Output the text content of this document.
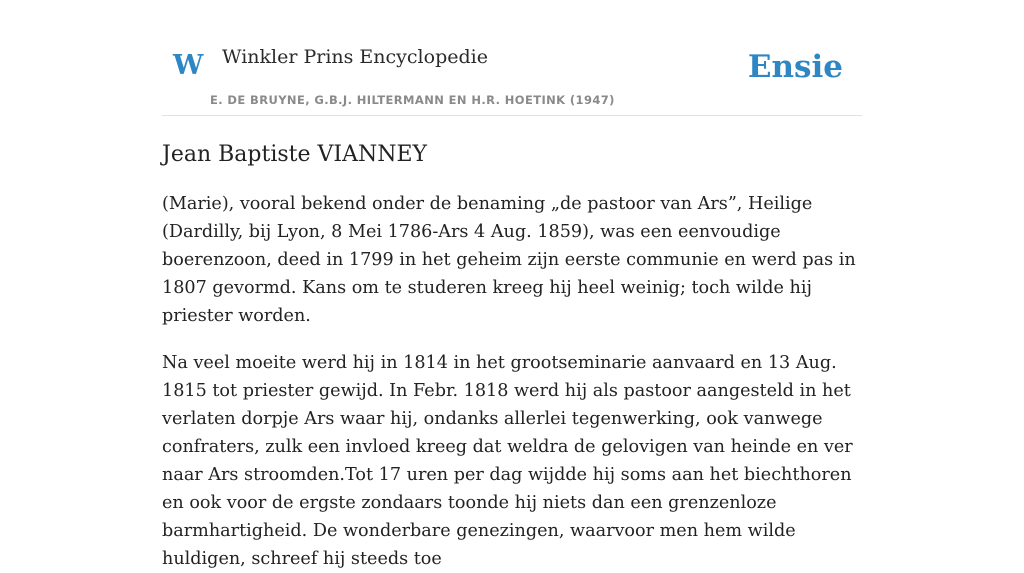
W Winkler Prins Encyclopedie
E. DE BRUYNE, G.B.J. HILTERMANN EN H.R. HOETINK (1947)
Ensie
Jean Baptiste VIANNEY

(Marie), vooral bekend onder de benaming „de pastoor van Ars”, Heilige (Dardilly, bij Lyon, 8 Mei 1786-Ars 4 Aug. 1859), was een eenvoudige boerenzoon, deed in 1799 in het geheim zijn eerste communie en werd pas in 1807 gevormd. Kans om te studeren kreeg hij heel weinig; toch wilde hij priester worden.

Na veel moeite werd hij in 1814 in het grootseminarie aanvaard en 13 Aug. 1815 tot priester gewijd. In Febr. 1818 werd hij als pastoor aangesteld in het verlaten dorpje Ars waar hij, ondanks allerlei tegenwerking, ook vanwege confraters, zulk een invloed kreeg dat weldra de gelovigen van heinde en ver naar Ars stroomden.Tot 17 uren per dag wijdde hij soms aan het biechthoren en ook voor de ergste zondaars toonde hij niets dan een grenzenloze barmhartigheid. De wonderbare genezingen, waarvoor men hem wilde huldigen, schreef hij steeds toe
